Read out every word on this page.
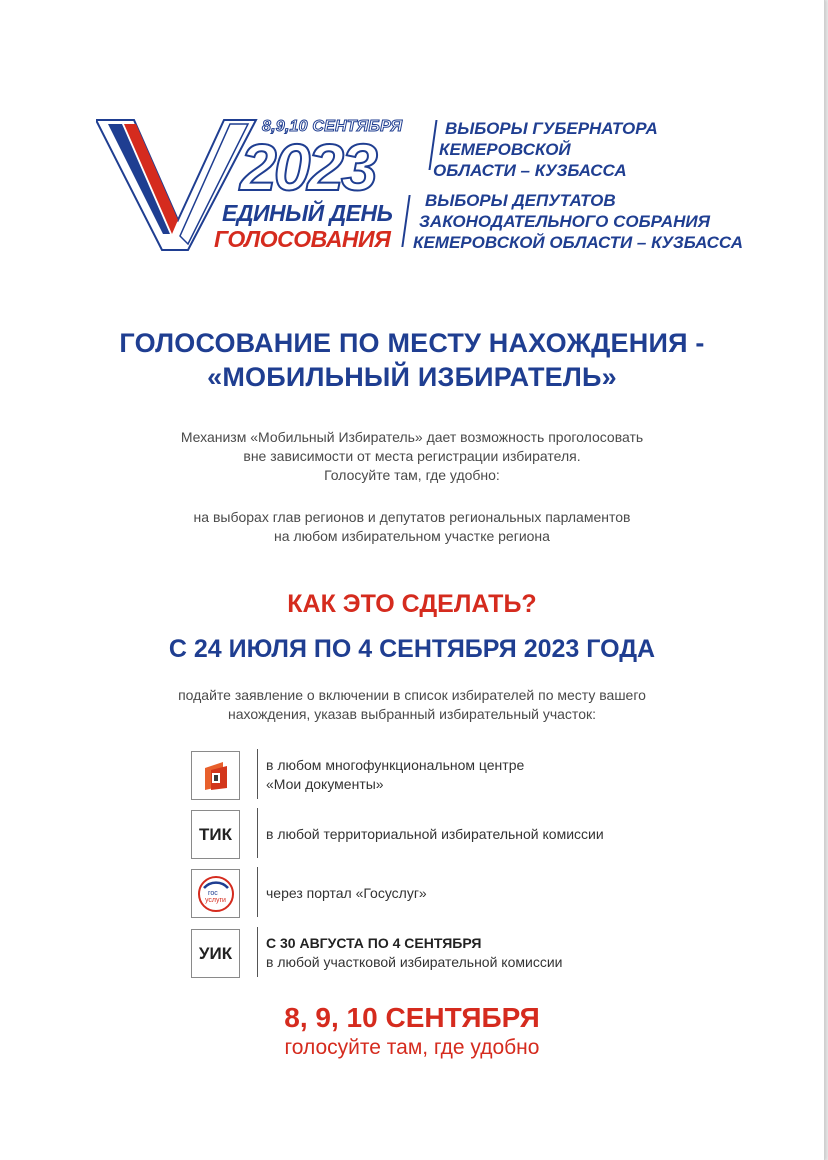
8,9,10 СЕНТЯБРЯ
2023
ЕДИНЫЙ ДЕНЬ
ГОЛОСОВАНИЯ
ВЫБОРЫ ГУБЕРНАТОРА
КЕМЕРОВСКОЙ
ОБЛАСТИ – КУЗБАССА
ВЫБОРЫ ДЕПУТАТОВ
ЗАКОНОДАТЕЛЬНОГО СОБРАНИЯ
КЕМЕРОВСКОЙ ОБЛАСТИ – КУЗБАССА
ГОЛОСОВАНИЕ ПО МЕСТУ НАХОЖДЕНИЯ -
«МОБИЛЬНЫЙ ИЗБИРАТЕЛЬ»
Механизм «Мобильный Избиратель» дает возможность проголосовать
вне зависимости от места регистрации избирателя.
Голосуйте там, где удобно:
на выборах глав регионов и депутатов региональных парламентов
на любом избирательном участке региона
КАК ЭТО СДЕЛАТЬ?
С 24 ИЮЛЯ ПО 4 СЕНТЯБРЯ 2023 ГОДА
подайте заявление о включении в список избирателей по месту вашего
нахождения, указав выбранный избирательный участок:
в любом многофункциональном центре
«Мои документы»
ТИК в любой территориальной избирательной комиссии
гос
услуги	через портал «Госуслуг»
УИК
С 30 АВГУСТА ПО 4 СЕНТЯБРЯ
в любой участковой избирательной комиссии
8, 9, 10 СЕНТЯБРЯ
голосуйте там, где удобно
